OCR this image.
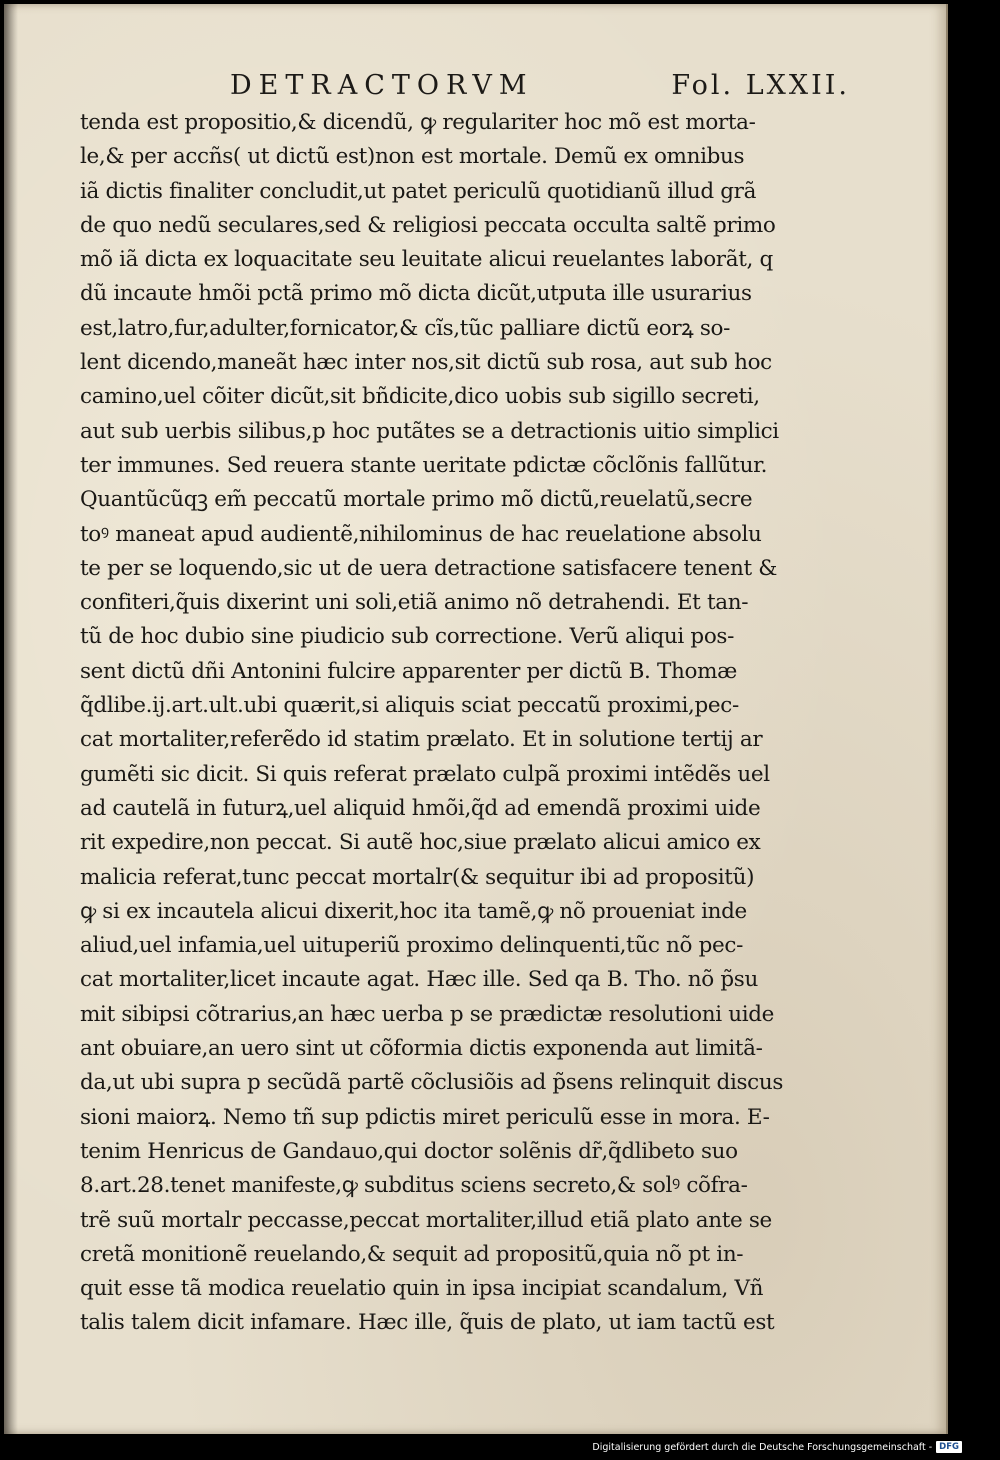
DETRACTORVM	Fol. LXXII.
tenda est propositio,& dicendũ, ꝙ regulariter hoc mõ est morta-
le,& per accñs( ut dictũ est)non est mortale. Demũ ex omnibus
iã dictis finaliter concludit,ut patet periculũ quotidianũ illud grã
de quo nedũ seculares,sed & religiosi peccata occulta saltẽ primo
mõ iã dicta ex loquacitate seu leuitate alicui reuelantes laborãt, q
dũ incaute hmõi pctã primo mõ dicta dicũt,utputa ille usurarius
est,latro,fur,adulter,fornicator,& cĩs,tũc palliare dictũ eorꝝ so-
lent dicendo,maneãt hæc inter nos,sit dictũ sub rosa, aut sub hoc
camino,uel cõiter dicũt,sit bñdicite,dico uobis sub sigillo secreti,
aut sub uerbis silibus,p hoc putãtes se a detractionis uitio simplici
ter immunes. Sed reuera stante ueritate pdictæ cõclõnis fallũtur.
Quantũcũqꝫ em̃ peccatũ mortale primo mõ dictũ,reuelatũ,secre
toꝰ maneat apud audientẽ,nihilominus de hac reuelatione absolu
te per se loquendo,sic ut de uera detractione satisfacere tenent &
confiteri,q̃uis dixerint uni soli,etiã animo nõ detrahendi. Et tan-
tũ de hoc dubio sine piudicio sub correctione. Verũ aliqui pos-
sent dictũ dñi Antonini fulcire apparenter per dictũ B. Thomæ
q̃dlibe.ij.art.ult.ubi quærit,si aliquis sciat peccatũ proximi,pec-
cat mortaliter,referẽdo id statim prælato. Et in solutione tertij ar
gumẽti sic dicit. Si quis referat prælato culpã proximi intẽdẽs uel
ad cautelã in futurꝝ,uel aliquid hmõi,q̃d ad emendã proximi uide
rit expedire,non peccat. Si autẽ hoc,siue prælato alicui amico ex
malicia referat,tunc peccat mortalr(& sequitur ibi ad propositũ)
ꝙ si ex incautela alicui dixerit,hoc ita tamẽ,ꝙ nõ proueniat inde
aliud,uel infamia,uel uituperiũ proximo delinquenti,tũc nõ pec-
cat mortaliter,licet incaute agat. Hæc ille. Sed qa B. Tho. nõ p̃su
mit sibipsi cõtrarius,an hæc uerba p se prædictæ resolutioni uide
ant obuiare,an uero sint ut cõformia dictis exponenda aut limitã-
da,ut ubi supra p secũdã partẽ cõclusiõis ad p̃sens relinquit discus
sioni maiorꝝ. Nemo tñ sup pdictis miret periculũ esse in mora. E-
tenim Henricus de Gandauo,qui doctor solẽnis dr̃,q̃dlibeto suo
8.art.28.tenet manifeste,ꝙ subditus sciens secreto,& solꝰ cõfra-
trẽ suũ mortalr peccasse,peccat mortaliter,illud etiã plato ante se
cretã monitionẽ reuelando,& sequit ad propositũ,quia nõ pt in-
quit esse tã modica reuelatio quin in ipsa incipiat scandalum, Vñ
talis talem dicit infamare. Hæc ille, q̃uis de plato, ut iam tactũ est
Digitalisierung gefördert durch die Deutsche Forschungsgemeinschaft - DFG
